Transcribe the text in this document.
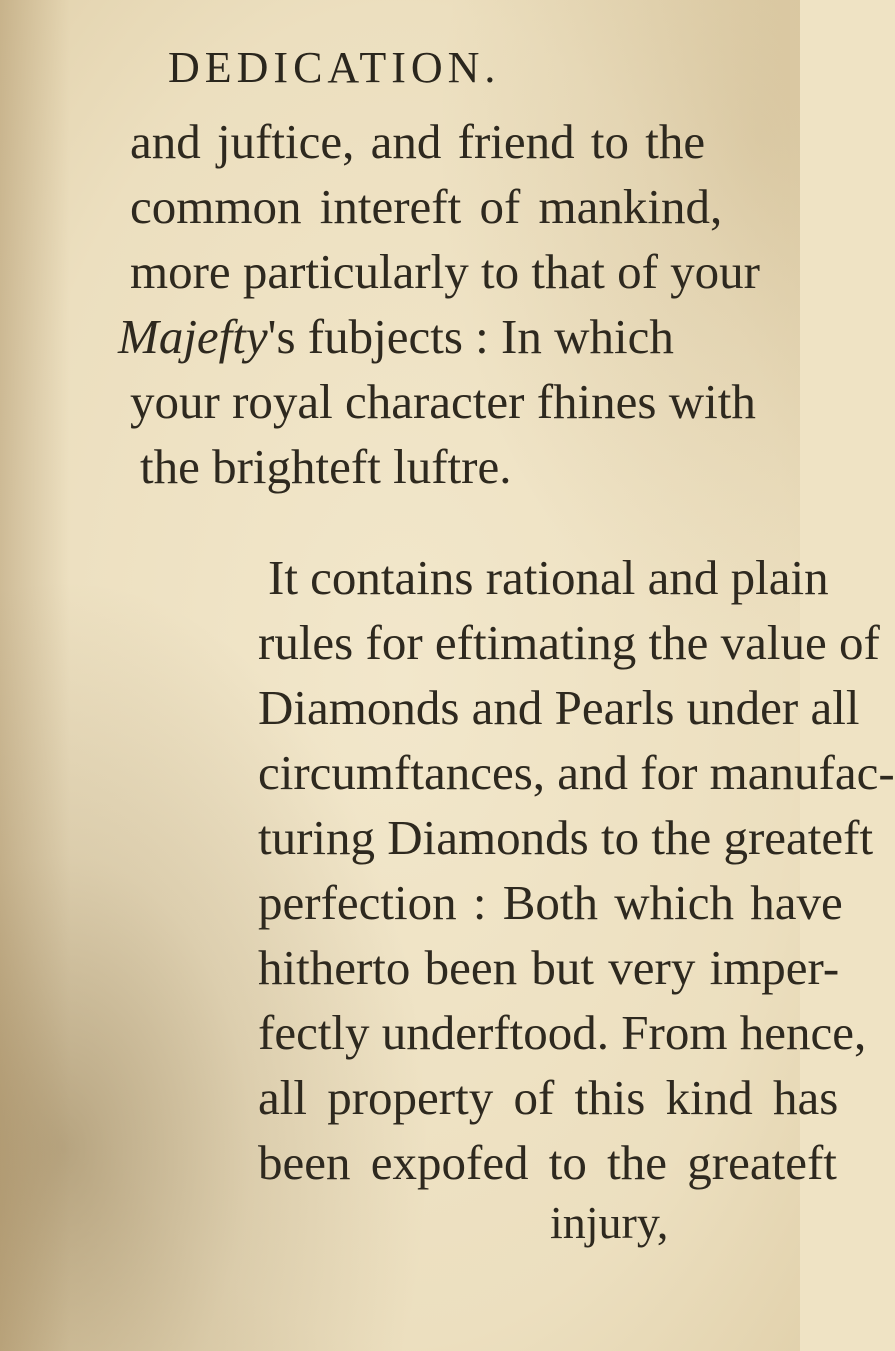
DEDICATION.
and juftice, and friend to the
common intereft of mankind,
more particularly to that of your
Majefty's fubjects : In which
your royal character fhines with
the brighteft luftre.
It contains rational and plain
rules for eftimating the value of
Diamonds and Pearls under all
circumftances, and for manufac-
turing Diamonds to the greateft
perfection : Both which have
hitherto been but very imper-
fectly underftood. From hence,
all property of this kind has
been expofed to the greateft
injury,
